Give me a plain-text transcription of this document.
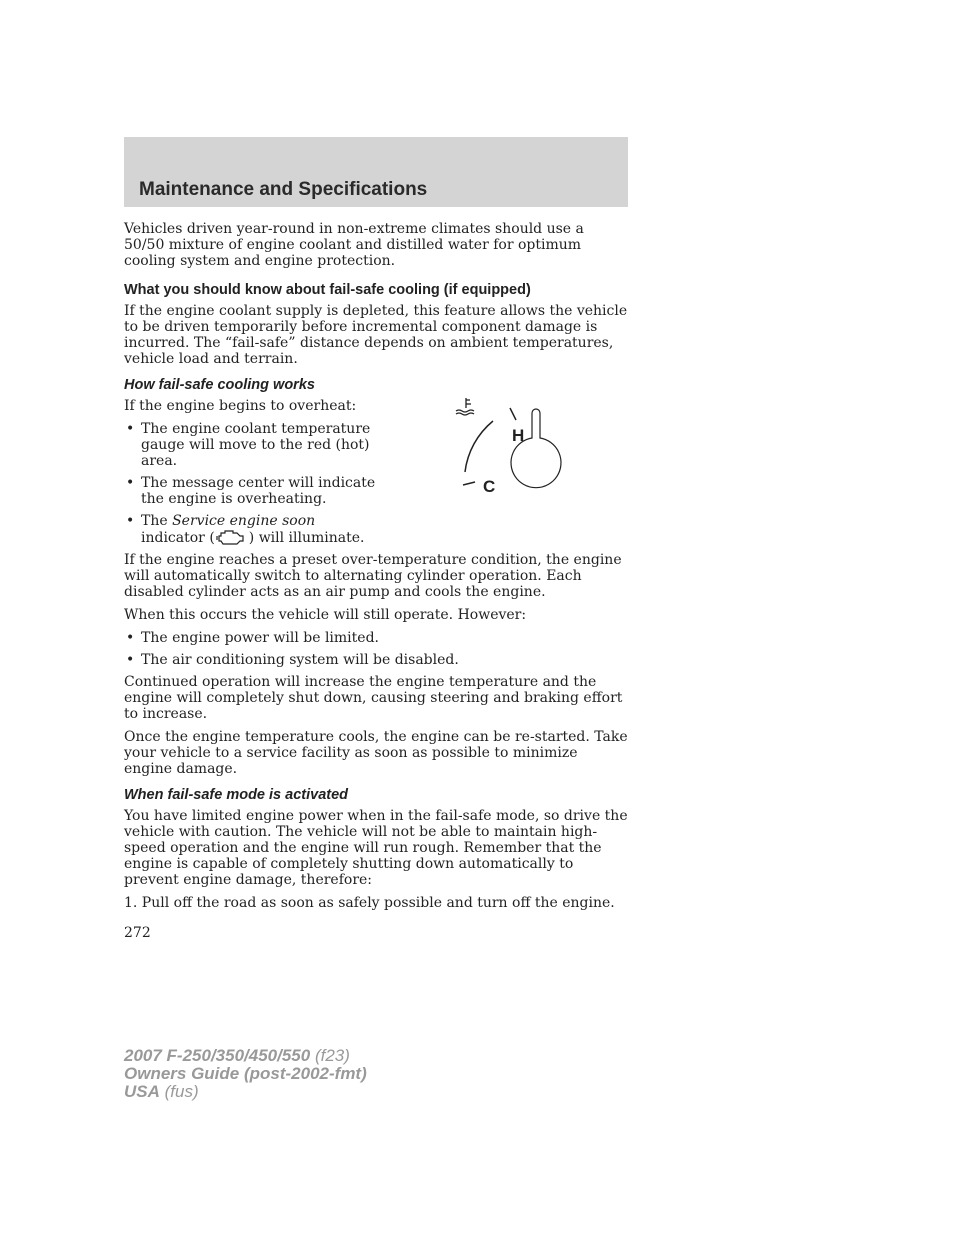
Maintenance and Specifications

Vehicles driven year-round in non-extreme climates should use a 50/50 mixture of engine coolant and distilled water for optimum cooling system and engine protection.

What you should know about fail-safe cooling (if equipped)

If the engine coolant supply is depleted, this feature allows the vehicle to be driven temporarily before incremental component damage is incurred. The “fail-safe” distance depends on ambient temperatures, vehicle load and terrain.

How fail-safe cooling works
H
C

If the engine begins to overheat:

• The engine coolant temperature gauge will move to the red (hot) area.
• The message center will indicate the engine is overheating.
• The Service engine soon
indicator ( ) will illuminate.

If the engine reaches a preset over-temperature condition, the engine will automatically switch to alternating cylinder operation. Each disabled cylinder acts as an air pump and cools the engine.

When this occurs the vehicle will still operate. However:

• The engine power will be limited.
• The air conditioning system will be disabled.

Continued operation will increase the engine temperature and the engine will completely shut down, causing steering and braking effort to increase.

Once the engine temperature cools, the engine can be re-started. Take your vehicle to a service facility as soon as possible to minimize engine damage.

When fail-safe mode is activated

You have limited engine power when in the fail-safe mode, so drive the vehicle with caution. The vehicle will not be able to maintain high-speed operation and the engine will run rough. Remember that the engine is capable of completely shutting down automatically to prevent engine damage, therefore:

1. Pull off the road as soon as safely possible and turn off the engine.

272
2007 F-250/350/450/550 (f23)
Owners Guide (post-2002-fmt)
USA (fus)
